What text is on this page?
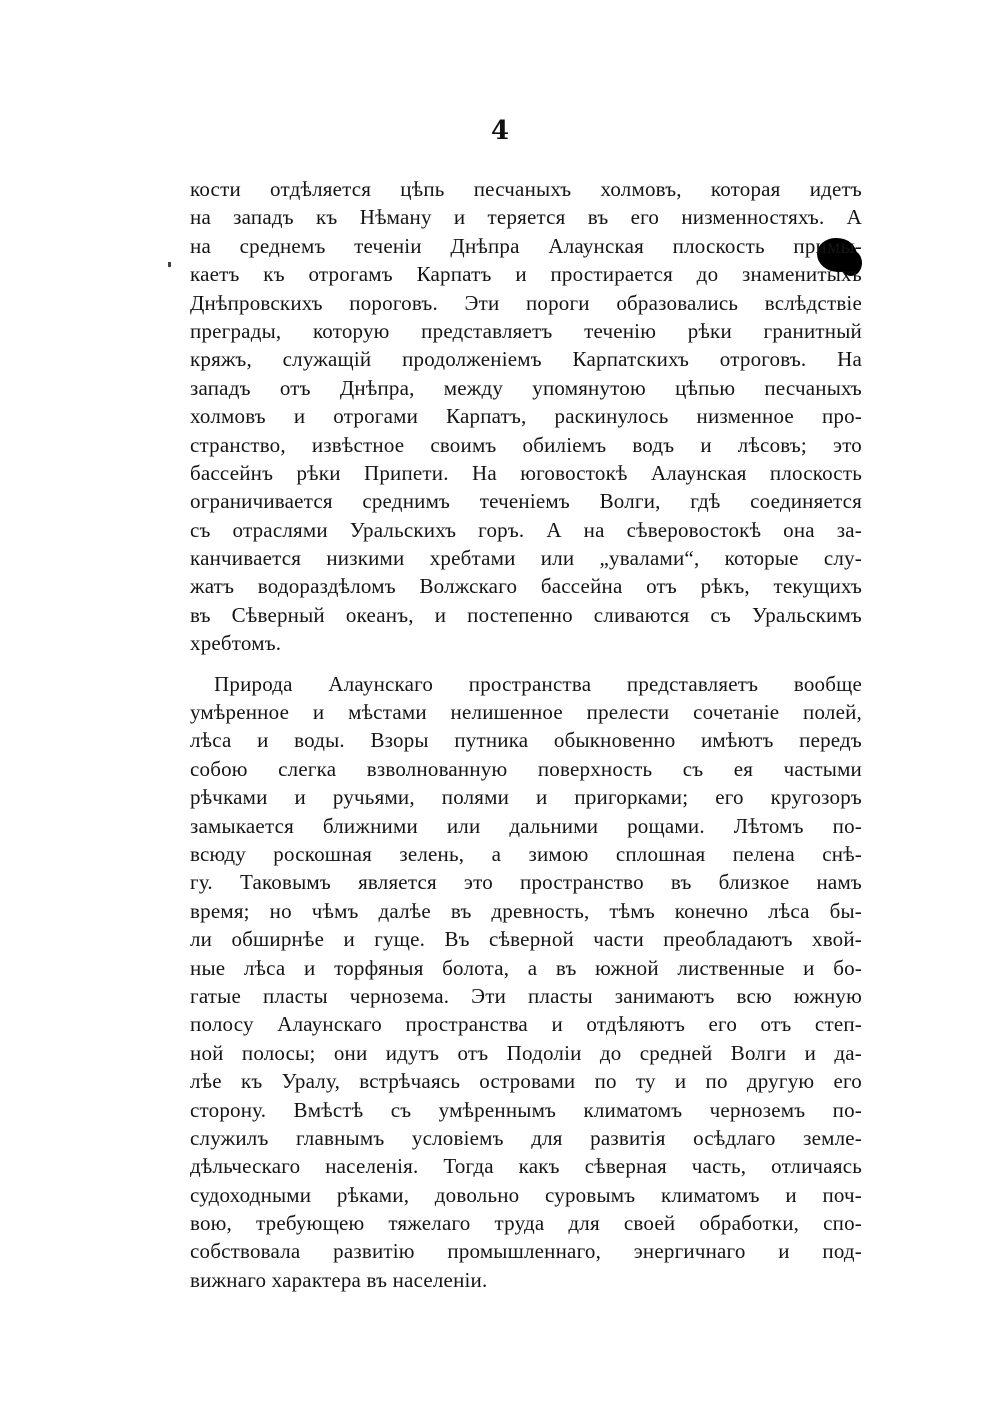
4
кости отдѣляется цѣпь песчаныхъ холмовъ, которая идетъ
на западъ къ Нѣману и теряется въ его низменностяхъ. А
на среднемъ теченіи Днѣпра Алаунская плоскость примы-
каетъ къ отрогамъ Карпатъ и простирается до знаменитыхъ
Днѣпровскихъ пороговъ. Эти пороги образовались вслѣдствіе
преграды, которую представляетъ теченію рѣки гранитный
кряжъ, служащій продолженіемъ Карпатскихъ отроговъ. На
западъ отъ Днѣпра, между упомянутою цѣпью песчаныхъ
холмовъ и отрогами Карпатъ, раскинулось низменное про-
странство, извѣстное своимъ обиліемъ водъ и лѣсовъ; это
бассейнъ рѣки Припети. На юговостокѣ Алаунская плоскость
ограничивается среднимъ теченіемъ Волги, гдѣ соединяется
съ отраслями Уральскихъ горъ. А на сѣверовостокѣ она за-
канчивается низкими хребтами или „увалами“, которые слу-
жатъ водораздѣломъ Волжскаго бассейна отъ рѣкъ, текущихъ
въ Сѣверный океанъ, и постепенно сливаются съ Уральскимъ
хребтомъ.
Природа Алаунскаго пространства представляетъ вообще
умѣренное и мѣстами нелишенное прелести сочетаніе полей,
лѣса и воды. Взоры путника обыкновенно имѣютъ передъ
собою слегка взволнованную поверхность съ ея частыми
рѣчками и ручьями, полями и пригорками; его кругозоръ
замыкается ближними или дальними рощами. Лѣтомъ по-
всюду роскошная зелень, а зимою сплошная пелена снѣ-
гу. Таковымъ является это пространство въ близкое намъ
время; но чѣмъ далѣе въ древность, тѣмъ конечно лѣса бы-
ли обширнѣе и гуще. Въ сѣверной части преобладаютъ хвой-
ные лѣса и торфяныя болота, а въ южной лиственные и бо-
гатые пласты чернозема. Эти пласты занимаютъ всю южную
полосу Алаунскаго пространства и отдѣляютъ его отъ степ-
ной полосы; они идутъ отъ Подоліи до средней Волги и да-
лѣе къ Уралу, встрѣчаясь островами по ту и по другую его
сторону. Вмѣстѣ съ умѣреннымъ климатомъ черноземъ по-
служилъ главнымъ условіемъ для развитія осѣдлаго земле-
дѣльческаго населенія. Тогда какъ сѣверная часть, отличаясь
судоходными рѣками, довольно суровымъ климатомъ и поч-
вою, требующею тяжелаго труда для своей обработки, спо-
собствовала развитію промышленнаго, энергичнаго и под-
вижнаго характера въ населеніи.
